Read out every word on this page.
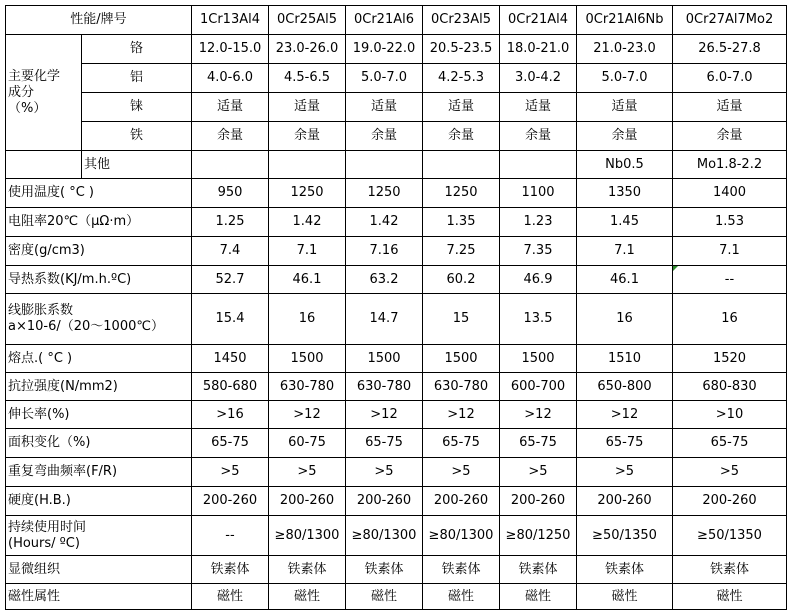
性能/牌号		1Cr13Al4	0Cr25Al5	0Cr21Al6	0Cr23Al5	0Cr21Al4	0Cr21Al6Nb	0Cr27Al7Mo2
主要化学
成分
（%）	铬	12.0-15.0	23.0-26.0	19.0-22.0	20.5-23.5	18.0-21.0	21.0-23.0	26.5-27.8
	铝	4.0-6.0	4.5-6.5	5.0-7.0	4.2-5.3	3.0-4.2	5.0-7.0	6.0-7.0
	铼	适量	适量	适量	适量	适量	适量	适量
	铁	余量	余量	余量	余量	余量	余量	余量
	其他						Nb0.5	Mo1.8-2.2
使用温度( °C )		950	1250	1250	1250	1100	1350	1400
电阻率20℃（μΩ·m）		1.25	1.42	1.42	1.35	1.23	1.45	1.53
密度(g/cm3)		7.4	7.1	7.16	7.25	7.35	7.1	7.1
导热系数(KJ/m.h.ºC)		52.7	46.1	63.2	60.2	46.9	46.1	--

线膨胀系数
a×10-6/（20～1000℃）		15.4	16	14.7	15	13.5	16	16
熔点.( °C )		1450	1500	1500	1500	1500	1510	1520
抗拉强度(N/mm2)		580-680	630-780	630-780	630-780	600-700	650-800	680-830
伸长率(%)		>16	>12	>12	>12	>12	>12	>10
面积变化（%)		65-75	60-75	65-75	65-75	65-75	65-75	65-75
重复弯曲频率(F/R)		>5	>5	>5	>5	>5	>5	>5
硬度(H.B.)		200-260	200-260	200-260	200-260	200-260	200-260	200-260
持续使用时间
(Hours/ ºC)		--	≥80/1300	≥80/1300	≥80/1300	≥80/1250	≥50/1350	≥50/1350
显微组织		铁素体	铁素体	铁素体	铁素体	铁素体	铁素体	铁素体
磁性属性		磁性	磁性	磁性	磁性	磁性	磁性	磁性
